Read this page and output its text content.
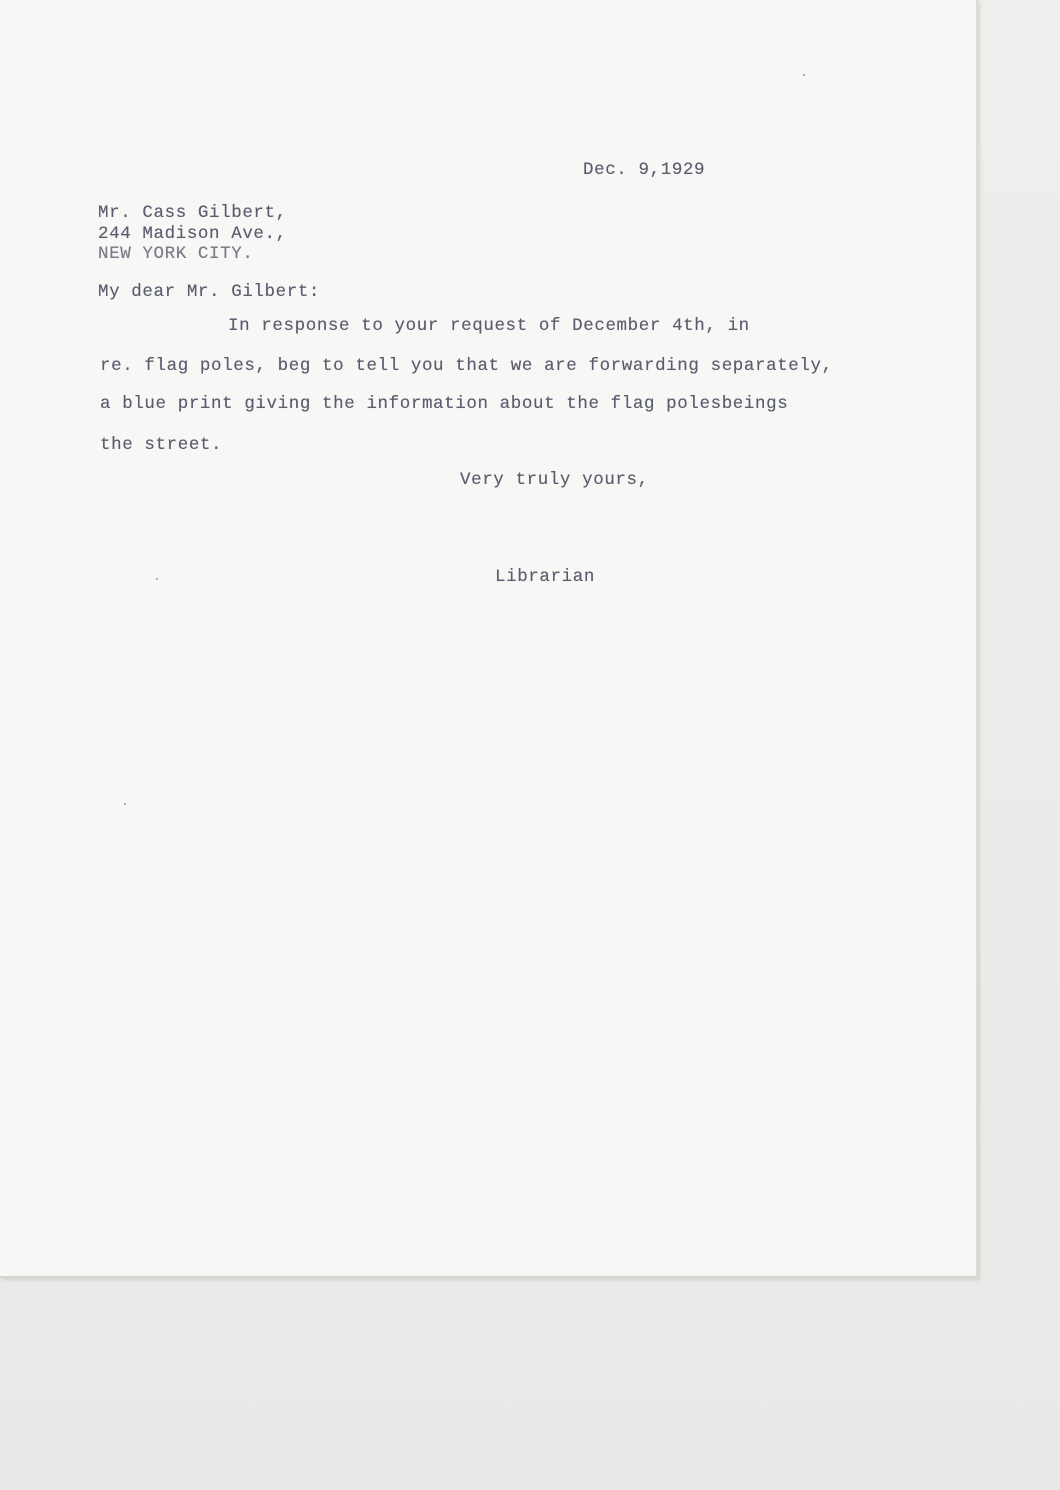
Dec. 9,1929
Mr. Cass Gilbert,
244 Madison Ave.,
NEW YORK CITY.
My dear Mr. Gilbert:
In response to your request of December 4th, in
re. flag poles, beg to tell you that we are forwarding separately,
a blue print giving the information about the flag polesbeings
the street.
Very truly yours,
Librarian
